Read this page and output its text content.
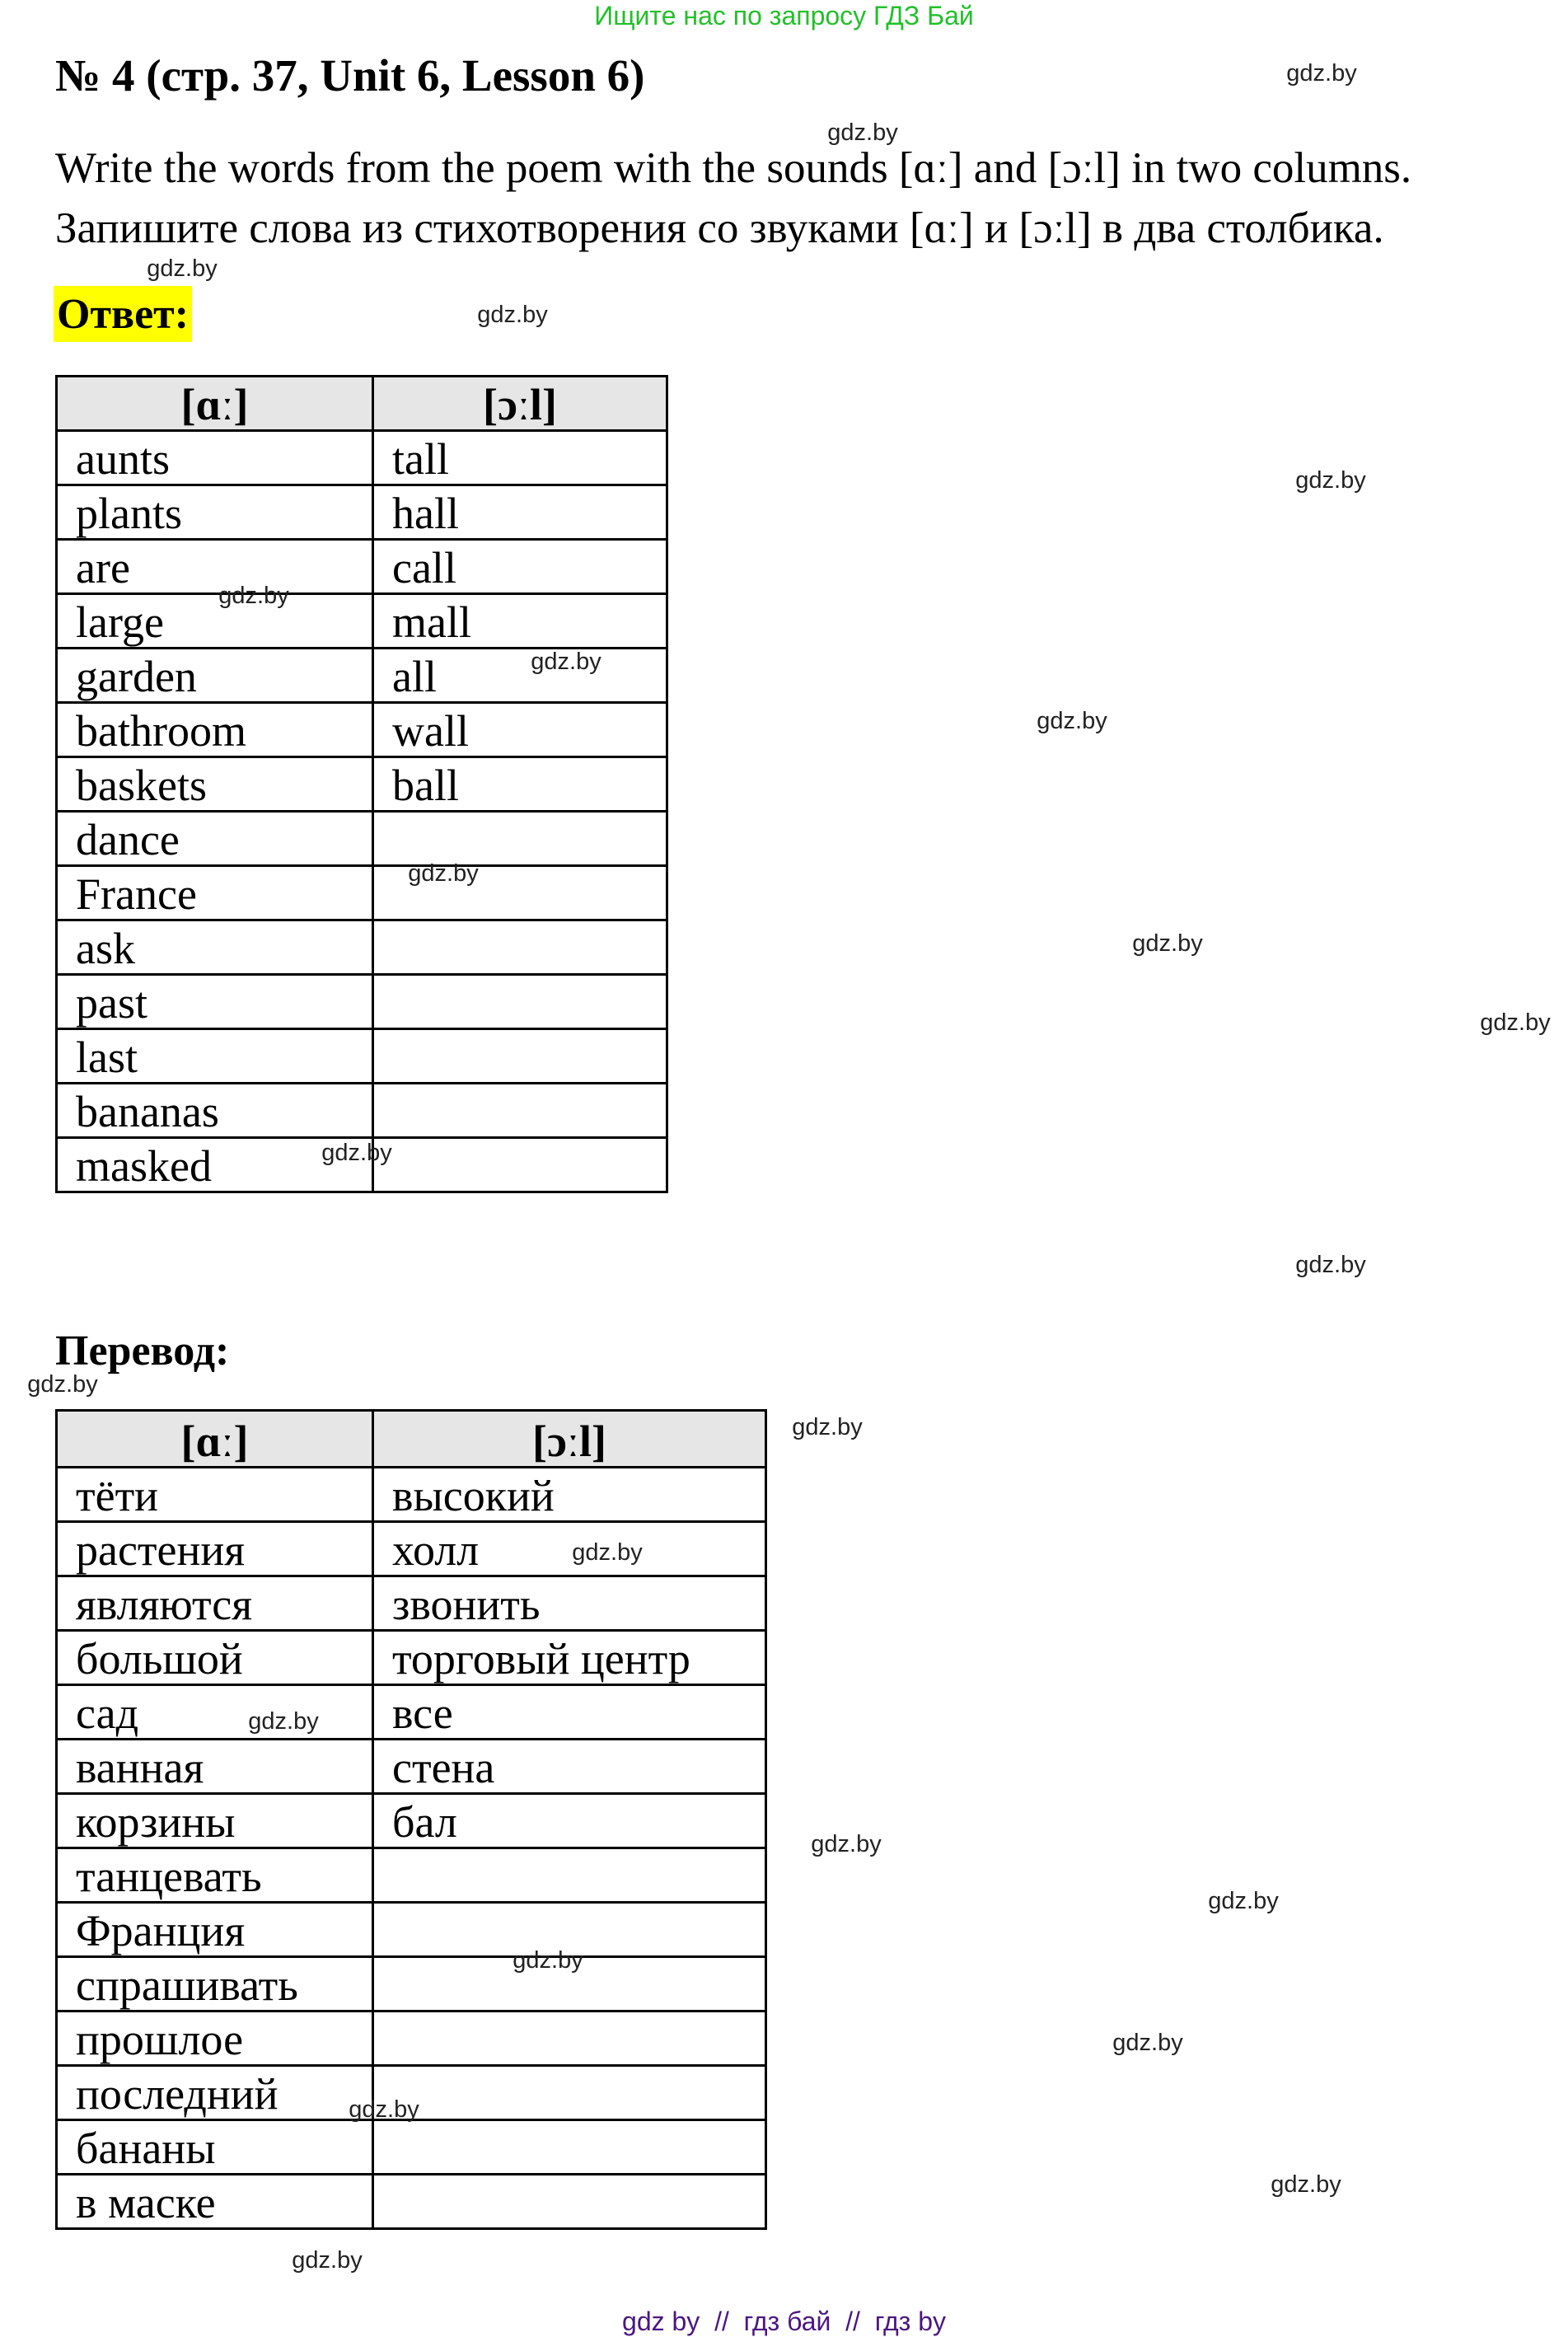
Ищите нас по запросу ГДЗ Бай
№ 4 (стр. 37, Unit 6, Lesson 6)
Write the words from the poem with the sounds [ɑː] and [ɔːl] in two columns.
Запишите слова из стихотворения со звуками [ɑː] и [ɔːl] в два столбика.
Ответ:
[ɑː]	[ɔːl]
aunts	tall
plants	hall
are	call
large	mall
garden	all
bathroom	wall
baskets	ball
dance	
France	
ask	
past	
last	
bananas	
masked	
Перевод:
[ɑː]	[ɔːl]
тёти	высокий
растения	холл
являются	звонить
большой	торговый центр
сад	все
ванная	стена
корзины	бал
танцевать	
Франция	
спрашивать	
прошлое	
последний	
бананы	
в маске	
gdz.by
gdz.by
gdz.by
gdz.by
gdz.by
gdz.by
gdz.by
gdz.by
gdz.by
gdz.by
gdz.by
gdz.by
gdz.by
gdz.by
gdz.by
gdz.by
gdz.by
gdz.by
gdz.by
gdz.by
gdz.by
gdz.by
gdz.by
gdz.by
gdz by  //  гдз бай  //  гдз by
